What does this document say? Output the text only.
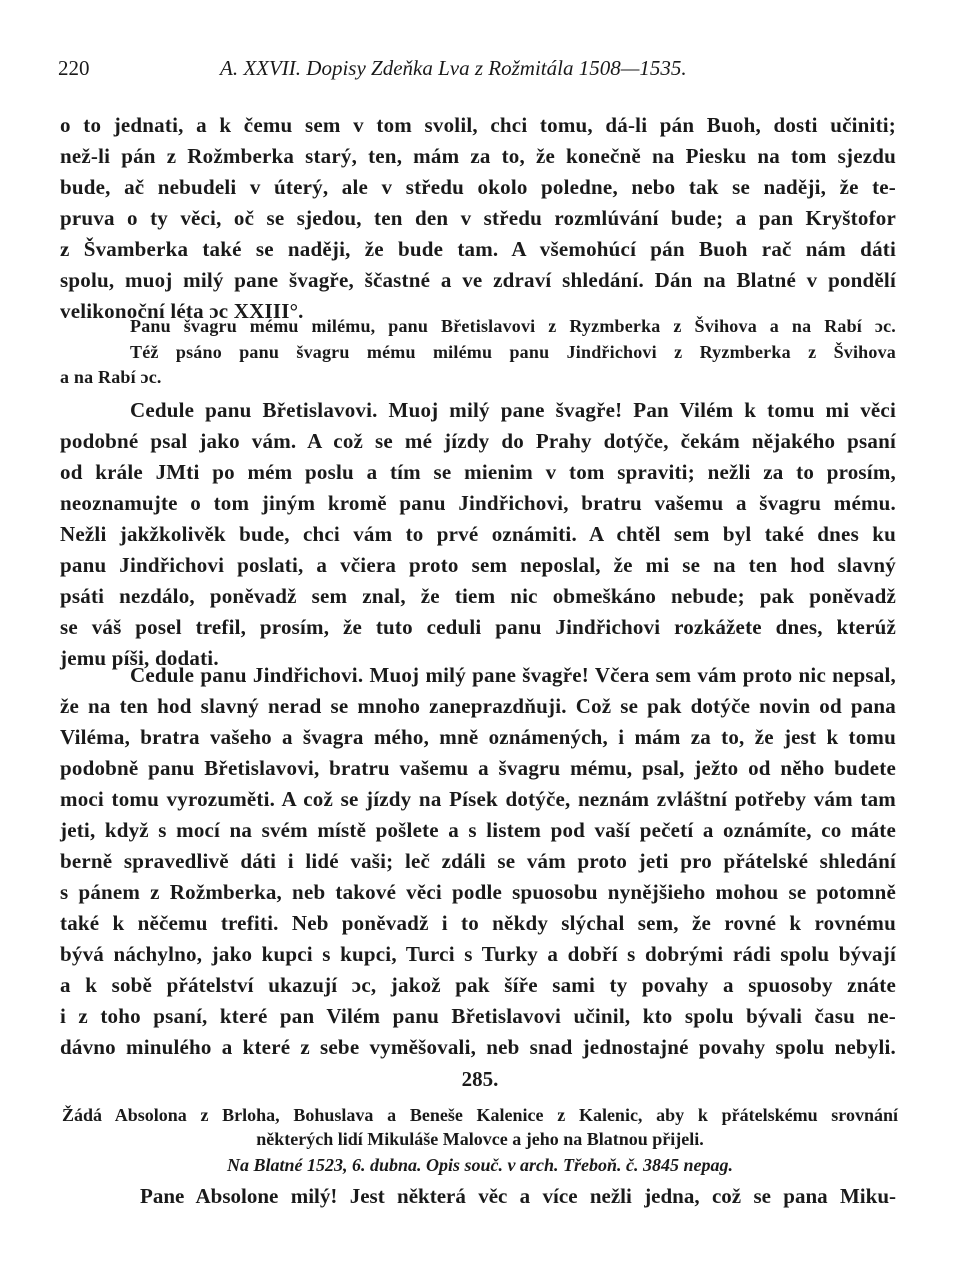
220	A. XXVII. Dopisy Zdeňka Lva z Rožmitála 1508—1535.
o to jednati, a k čemu sem v tom svolil, chci tomu, dá-li pán Buoh, dosti učiniti;
než-li pán z Rožmberka starý, ten, mám za to, že konečně na Piesku na tom sjezdu
bude, ač nebudeli v úterý, ale v středu okolo poledne, nebo tak se naději, že te-
pruva o ty věci, oč se sjedou, ten den v středu rozmlúvání bude; a pan Kryštofor
z Švamberka také se naději, že bude tam. A všemohúcí pán Buoh rač nám dáti
spolu, muoj milý pane švagře, ščastné a ve zdraví shledání. Dán na Blatné v pondělí
velikonoční léta ɔc XXIII°.
Panu švagru mému milému, panu Břetislavovi z Ryzmberka z Švihova a na Rabí ɔc.
Též psáno panu švagru mému milému panu Jindřichovi z Ryzmberka z Švihova
a na Rabí ɔc.
Cedule panu Břetislavovi. Muoj milý pane švagře! Pan Vilém k tomu mi věci
podobné psal jako vám. A což se mé jízdy do Prahy dotýče, čekám nějakého psaní
od krále JMti po mém poslu a tím se mienim v tom spraviti; nežli za to prosím,
neoznamujte o tom jiným kromě panu Jindřichovi, bratru vašemu a švagru mému.
Nežli jakžkolivěk bude, chci vám to prvé oznámiti. A chtěl sem byl také dnes ku
panu Jindřichovi poslati, a včiera proto sem neposlal, že mi se na ten hod slavný
psáti nezdálo, poněvadž sem znal, že tiem nic obmeškáno nebude; pak poněvadž
se váš posel trefil, prosím, že tuto ceduli panu Jindřichovi rozkážete dnes, kterúž
jemu píši, dodati.
Cedule panu Jindřichovi. Muoj milý pane švagře! Včera sem vám proto nic nepsal,
že na ten hod slavný nerad se mnoho zaneprazdňuji. Což se pak dotýče novin od pana
Viléma, bratra vašeho a švagra mého, mně oznámených, i mám za to, že jest k tomu
podobně panu Břetislavovi, bratru vašemu a švagru mému, psal, ježto od něho budete
moci tomu vyrozuměti. A což se jízdy na Písek dotýče, neznám zvláštní potřeby vám tam
jeti, když s mocí na svém místě pošlete a s listem pod vaší pečetí a oznámíte, co máte
berně spravedlivě dáti i lidé vaši; leč zdáli se vám proto jeti pro přátelské shledání
s pánem z Rožmberka, neb takové věci podle spuosobu nynějšieho mohou se potomně
také k něčemu trefiti. Neb poněvadž i to někdy slýchal sem, že rovné k rovnému
bývá náchylno, jako kupci s kupci, Turci s Turky a dobří s dobrými rádi spolu bývají
a k sobě přátelství ukazují ɔc, jakož pak šíře sami ty povahy a spuosoby znáte
i z toho psaní, které pan Vilém panu Břetislavovi učinil, kto spolu bývali času ne-
dávno minulého a které z sebe vyměšovali, neb snad jednostajné povahy spolu nebyli.
285.
Žádá Absolona z Brloha, Bohuslava a Beneše Kalenice z Kalenic, aby k přátelskému srovnání
některých lidí Mikuláše Malovce a jeho na Blatnou přijeli.
Na Blatné 1523, 6. dubna. Opis souč. v arch. Třeboň. č. 3845 nepag.
Pane Absolone milý! Jest některá věc a více nežli jedna, což se pana Miku-
